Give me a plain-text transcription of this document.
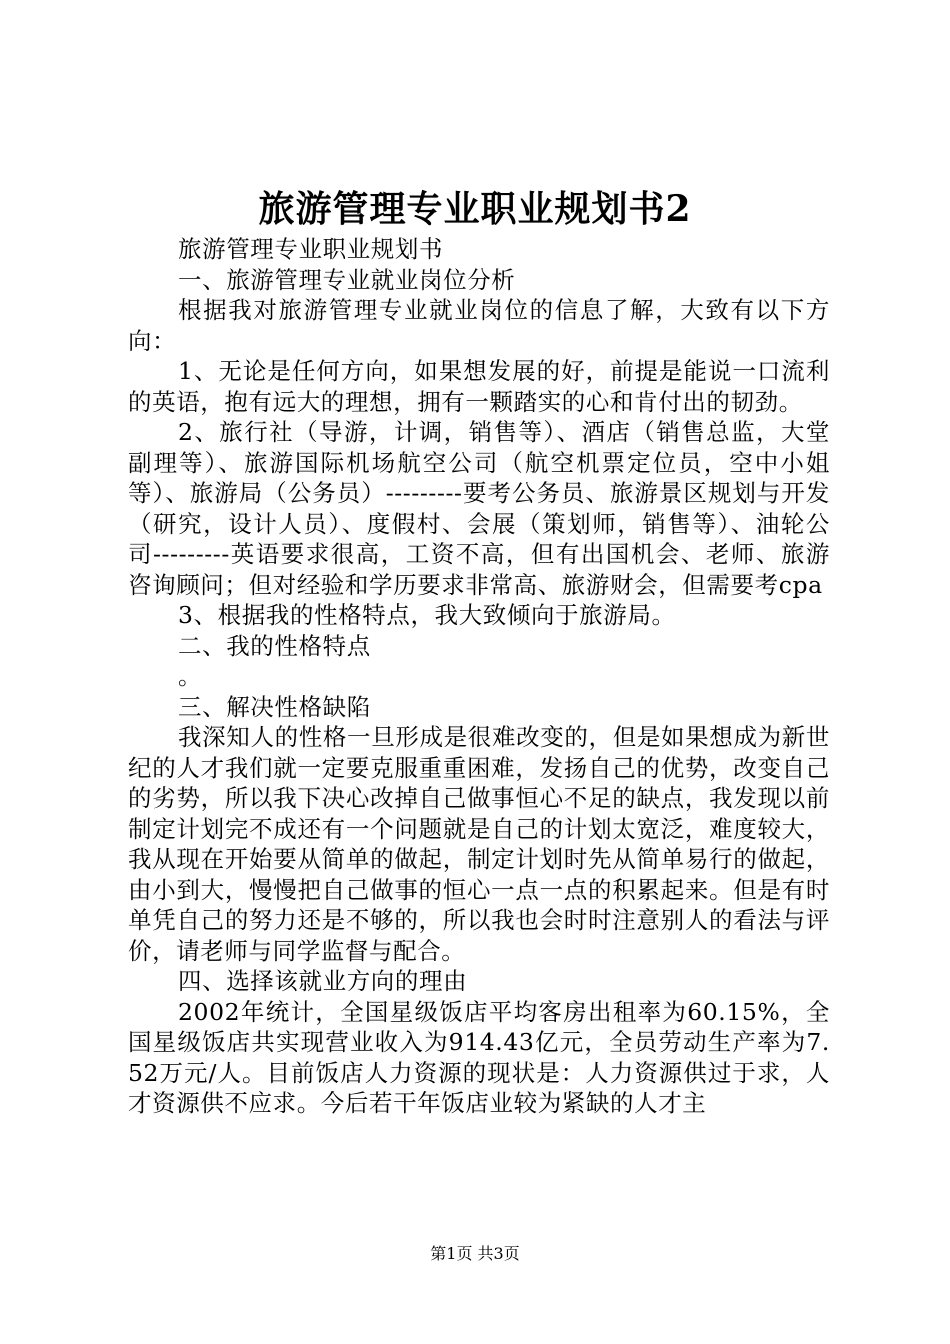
旅游管理专业职业规划书2

旅游管理专业职业规划书

一、旅游管理专业就业岗位分析

根据我对旅游管理专业就业岗位的信息了解，大致有以下方向：

1、无论是任何方向，如果想发展的好，前提是能说一口流利的英语，抱有远大的理想，拥有一颗踏实的心和肯付出的韧劲。

2、旅行社（导游，计调，销售等）、酒店（销售总监，大堂副理等）、旅游国际机场航空公司（航空机票定位员，空中小姐等）、旅游局（公务员）---------要考公务员、旅游景区规划与开发（研究，设计人员）、度假村、会展（策划师，销售等）、油轮公司---------英语要求很高，工资不高，但有出国机会、老师、旅游咨询顾问；但对经验和学历要求非常高、旅游财会，但需要考cpa

3、根据我的性格特点，我大致倾向于旅游局。

二、我的性格特点

。

三、解决性格缺陷

我深知人的性格一旦形成是很难改变的，但是如果想成为新世纪的人才我们就一定要克服重重困难，发扬自己的优势，改变自己的劣势，所以我下决心改掉自己做事恒心不足的缺点，我发现以前制定计划完不成还有一个问题就是自己的计划太宽泛，难度较大，我从现在开始要从简单的做起，制定计划时先从简单易行的做起，由小到大，慢慢把自己做事的恒心一点一点的积累起来。但是有时单凭自己的努力还是不够的，所以我也会时时注意别人的看法与评价，请老师与同学监督与配合。

四、选择该就业方向的理由

2002年统计，全国星级饭店平均客房出租率为60.15%，全国星级饭店共实现营业收入为914.43亿元，全员劳动生产率为7.52万元/人。目前饭店人力资源的现状是：人力资源供过于求，人才资源供不应求。今后若干年饭店业较为紧缺的人才主

第1页 共3页
